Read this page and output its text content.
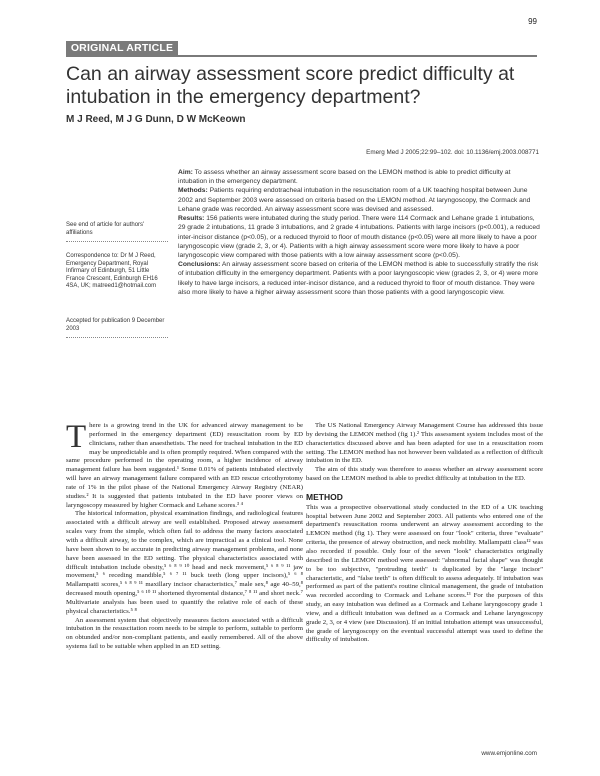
99
ORIGINAL ARTICLE
Can an airway assessment score predict difficulty at intubation in the emergency department?
M J Reed, M J G Dunn, D W McKeown
Emerg Med J 2005;22:99–102. doi: 10.1136/emj.2003.008771

Aim: To assess whether an airway assessment score based on the LEMON method is able to predict difficulty at intubation in the emergency department.

Methods: Patients requiring endotracheal intubation in the resuscitation room of a UK teaching hospital between June 2002 and September 2003 were assessed on criteria based on the LEMON method. At laryngoscopy, the Cormack and Lehane grade was recorded. An airway assessment score was devised and assessed.

Results: 156 patients were intubated during the study period. There were 114 Cormack and Lehane grade 1 intubations, 29 grade 2 intubations, 11 grade 3 intubations, and 2 grade 4 intubations. Patients with large incisors (p<0.001), a reduced inter-incisor distance (p<0.05), or a reduced thyroid to floor of mouth distance (p<0.05) were all more likely to have a poor laryngoscopic view (grade 2, 3, or 4). Patients with a high airway assessment score were more likely to have a poor laryngoscopic view compared with those patients with a low airway assessment score (p<0.05).

Conclusions: An airway assessment score based on criteria of the LEMON method is able to successfully stratify the risk of intubation difficulty in the emergency department. Patients with a poor laryngoscopic view (grades 2, 3, or 4) were more likely to have large incisors, a reduced inter-incisor distance, and a reduced thyroid to floor of mouth distance. They were also more likely to have a higher airway assessment score than those patients with a good laryngoscopic view.

See end of article for authors' affiliations
Correspondence to: Dr M J Reed, Emergency Department, Royal Infirmary of Edinburgh, 51 Little France Crescent, Edinburgh EH16 4SA, UK; matreed1@hotmail.com
Accepted for publication 9 December 2003

There is a growing trend in the UK for advanced airway management to be performed in the emergency department (ED) resuscitation room by ED clinicians, rather than anaesthetists. The need for tracheal intubation in the ED may be unpredictable and is often promptly required. When compared with the same procedure performed in the operating room, a higher incidence of airway management failure has been suggested.¹ Some 0.01% of patients intubated electively will have an airway management failure compared with an ED rescue cricothyrotomy rate of 1% in the pilot phase of the National Emergency Airway Registry (NEAR) studies.² It is suggested that patients intubated in the ED have poorer views on laryngoscopy measured by higher Cormack and Lehane scores.³ ⁴

The historical information, physical examination findings, and radiological features associated with a difficult airway are well established. Proposed airway assessment scales vary from the simple, which often fail to address the many factors associated with a difficult airway, to the complex, which are impractical as a clinical tool. None have been shown to be accurate in predicting airway management problems, and none have been assessed in the ED setting. The physical characteristics associated with difficult intubation include obesity,⁵ ⁶ ⁸ ⁹ ¹⁰ head and neck movement,⁵ ⁶ ⁸ ⁹ ¹¹ jaw movement,⁵ ⁶ receding mandible,⁵ ⁶ ⁷ ¹¹ buck teeth (long upper incisors),⁵ ⁶ ⁸ Mallampatti scores,⁵ ⁶ ⁸ ⁹ ¹¹ maxillary incisor characteristics,⁷ male sex,⁸ age 40–59,⁸ decreased mouth opening,⁵ ⁶ ¹⁰ ¹¹ shortened thyromental distance,⁷ ⁸ ¹¹ and short neck.⁷ Multivariate analysis has been used to quantify the relative role of each of these physical characteristics.⁵ ⁸

An assessment system that objectively measures factors associated with a difficult intubation in the resuscitation room needs to be simple to perform, suitable to perform on obtunded and/or non-compliant patients, and easily remembered. All of the above systems fail to be suitable when applied in an ED setting.

The US National Emergency Airway Management Course has addressed this issue by devising the LEMON method (fig 1).² This assessment system includes most of the characteristics discussed above and has been adapted for use in a resuscitation room setting. The LEMON method has not however been validated as a reflection of difficult intubation in the ED.

The aim of this study was therefore to assess whether an airway assessment score based on the LEMON method is able to predict difficulty at intubation in the ED.

METHOD

This was a prospective observational study conducted in the ED of a UK teaching hospital between June 2002 and September 2003. All patients who entered one of the department's resuscitation rooms underwent an airway assessment according to the LEMON method (fig 1). They were assessed on four "look" criteria, three "evaluate" criteria, the presence of airway obstruction, and neck mobility. Mallampatti class¹² was also recorded if possible. Only four of the seven "look" characteristics originally described in the LEMON method were assessed: "abnormal facial shape" was thought to be too subjective, "protruding teeth" is duplicated by the "large incisor" characteristic, and "false teeth" is often difficult to assess adequately. If intubation was performed as part of the patient's routine clinical management, the grade of intubation was recorded according to Cormack and Lehane scores.¹³ For the purposes of this study, an easy intubation was defined as a Cormack and Lehane laryngoscopy grade 1 view, and a difficult intubation was defined as a Cormack and Lehane laryngoscopy grade 2, 3, or 4 view (see Discussion). If an initial intubation attempt was unsuccessful, the grade of laryngoscopy on the eventual successful attempt was used to define the difficulty of intubation.

www.emjonline.com
